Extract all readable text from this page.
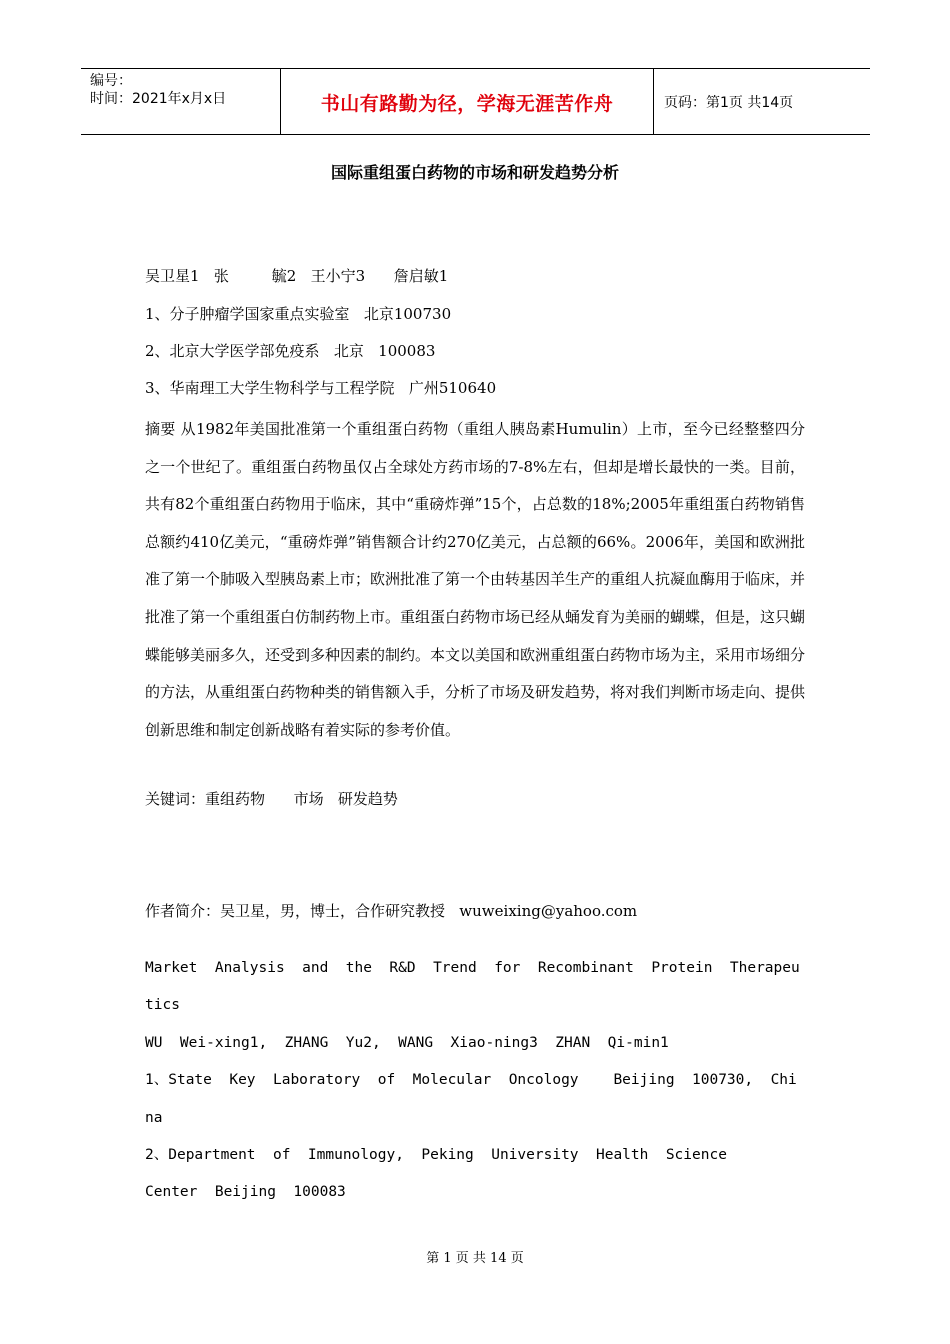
编号：
时间：2021年x月x日	书山有路勤为径，学海无涯苦作舟	页码：第1页 共14页
国际重组蛋白药物的市场和研发趋势分析
吴卫星1   张         毓2   王小宁3      詹启敏1
1、分子肿瘤学国家重点实验室   北京100730
2、北京大学医学部免疫系   北京   100083
3、华南理工大学生物科学与工程学院   广州510640
摘要 从1982年美国批准第一个重组蛋白药物（重组人胰岛素Humulin）上市，至今已经整整四分之一个世纪了。重组蛋白药物虽仅占全球处方药市场的7-8%左右，但却是增长最快的一类。目前，共有82个重组蛋白药物用于临床，其中“重磅炸弹”15个，占总数的18%;2005年重组蛋白药物销售总额约410亿美元，“重磅炸弹”销售额合计约270亿美元，占总额的66%。2006年，美国和欧洲批准了第一个肺吸入型胰岛素上市；欧洲批准了第一个由转基因羊生产的重组人抗凝血酶用于临床，并批准了第一个重组蛋白仿制药物上市。重组蛋白药物市场已经从蛹发育为美丽的蝴蝶，但是，这只蝴蝶能够美丽多久，还受到多种因素的制约。本文以美国和欧洲重组蛋白药物市场为主，采用市场细分的方法，从重组蛋白药物种类的销售额入手，分析了市场及研发趋势，将对我们判断市场走向、提供创新思维和制定创新战略有着实际的参考价值。
关键词：重组药物      市场   研发趋势
作者简介：吴卫星，男，博士，合作研究教授   wuweixing@yahoo.com
Market  Analysis  and  the  R&D  Trend  for  Recombinant  Protein  Therapeu
tics
WU  Wei-xing1,  ZHANG  Yu2,  WANG  Xiao-ning3  ZHAN  Qi-min1
1、State  Key  Laboratory  of  Molecular  Oncology    Beijing  100730,  Chi
na
2、Department  of  Immunology,  Peking  University  Health  Science
Center  Beijing  100083
第 1 页 共 14 页
